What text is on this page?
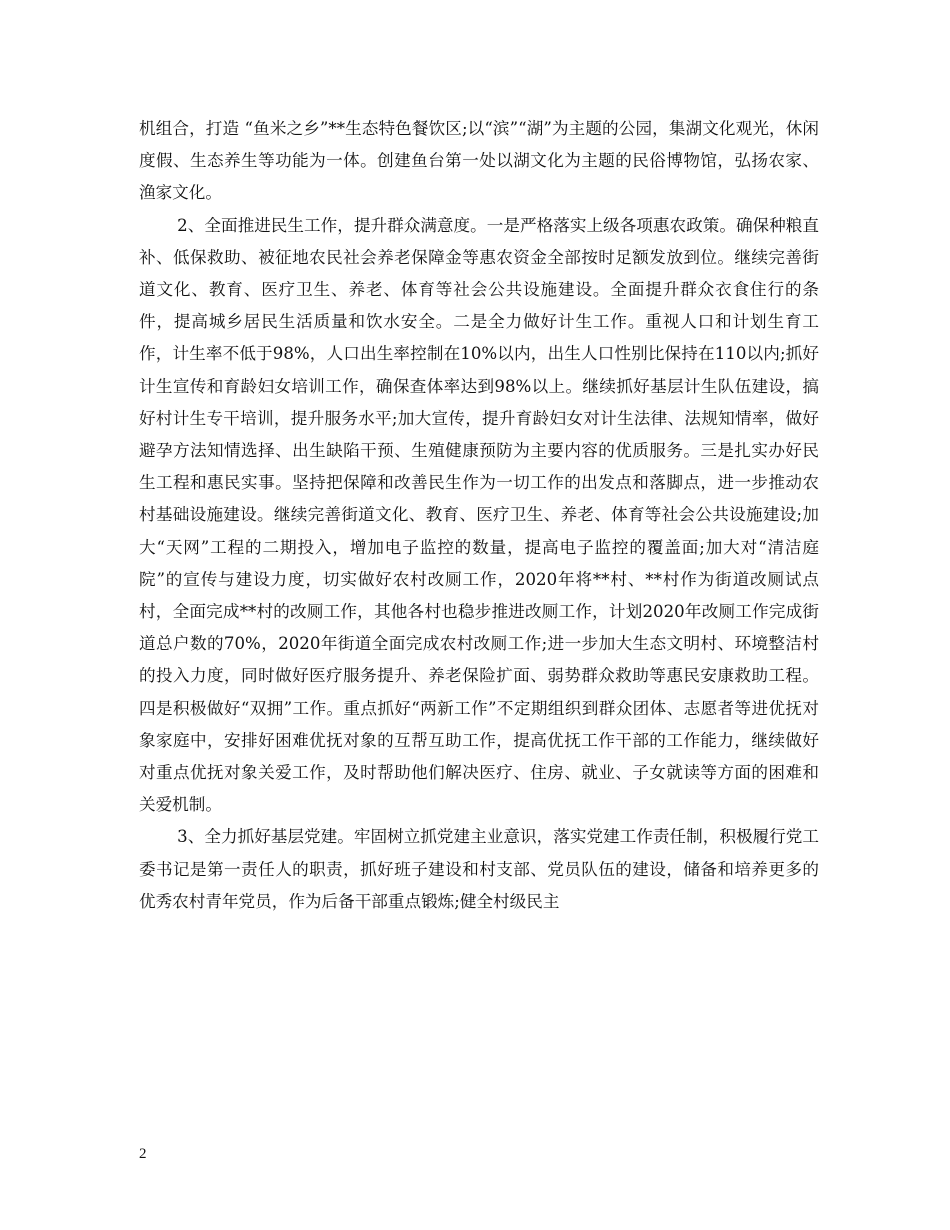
机组合，打造 “鱼米之乡”**生态特色餐饮区;以“滨”“湖”为主题的公园，集湖文化观光，休闲度假、生态养生等功能为一体。创建鱼台第一处以湖文化为主题的民俗博物馆，弘扬农家、渔家文化。

2、全面推进民生工作，提升群众满意度。一是严格落实上级各项惠农政策。确保种粮直补、低保救助、被征地农民社会养老保障金等惠农资金全部按时足额发放到位。继续完善街道文化、教育、医疗卫生、养老、体育等社会公共设施建设。全面提升群众衣食住行的条件，提高城乡居民生活质量和饮水安全。二是全力做好计生工作。重视人口和计划生育工作，计生率不低于98%，人口出生率控制在10%以内，出生人口性别比保持在110以内;抓好计生宣传和育龄妇女培训工作，确保查体率达到98%以上。继续抓好基层计生队伍建设，搞好村计生专干培训，提升服务水平;加大宣传，提升育龄妇女对计生法律、法规知情率，做好避孕方法知情选择、出生缺陷干预、生殖健康预防为主要内容的优质服务。三是扎实办好民生工程和惠民实事。坚持把保障和改善民生作为一切工作的出发点和落脚点，进一步推动农村基础设施建设。继续完善街道文化、教育、医疗卫生、养老、体育等社会公共设施建设;加大“天网”工程的二期投入，增加电子监控的数量，提高电子监控的覆盖面;加大对“清洁庭院”的宣传与建设力度，切实做好农村改厕工作，2020年将**村、**村作为街道改厕试点村，全面完成**村的改厕工作，其他各村也稳步推进改厕工作，计划2020年改厕工作完成街道总户数的70%，2020年街道全面完成农村改厕工作;进一步加大生态文明村、环境整洁村的投入力度，同时做好医疗服务提升、养老保险扩面、弱势群众救助等惠民安康救助工程。四是积极做好“双拥”工作。重点抓好“两新工作”不定期组织到群众团体、志愿者等进优抚对象家庭中，安排好困难优抚对象的互帮互助工作，提高优抚工作干部的工作能力，继续做好对重点优抚对象关爱工作，及时帮助他们解决医疗、住房、就业、子女就读等方面的困难和关爱机制。

3、全力抓好基层党建。牢固树立抓党建主业意识，落实党建工作责任制，积极履行党工委书记是第一责任人的职责，抓好班子建设和村支部、党员队伍的建设，储备和培养更多的优秀农村青年党员，作为后备干部重点锻炼;健全村级民主

2
